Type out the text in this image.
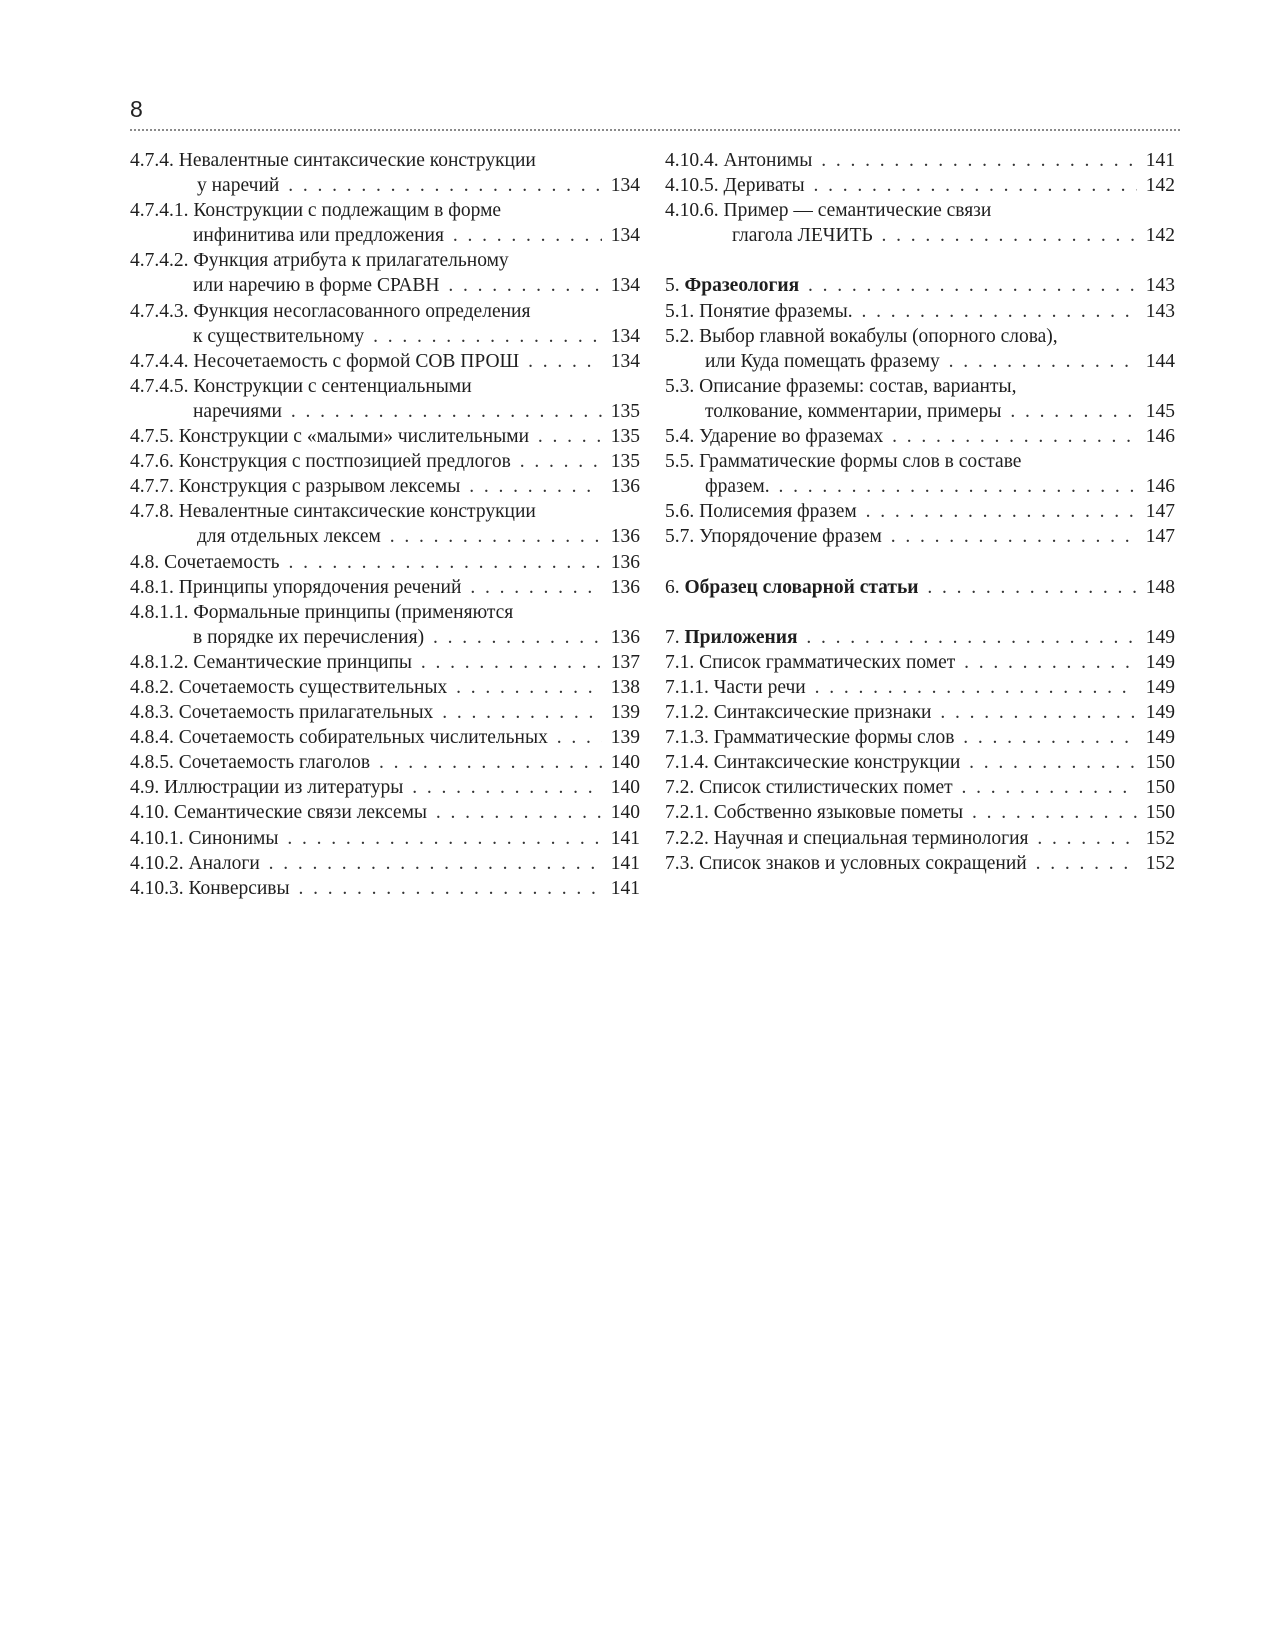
8
4.7.4. Невалентные синтаксические конструкции
у наречий . .	134
4.7.4.1. Конструкции с подлежащим в форме
инфинитива или предложения . .	134
4.7.4.2. Функция атрибута к прилагательному
или наречию в форме СРАВН . .	134
4.7.4.3. Функция несогласованного определения
к существительному . .	134
4.7.4.4. Несочетаемость с формой СОВ ПРОШ . .	134
4.7.4.5. Конструкции с сентенциальными
наречиями . .	135
4.7.5. Конструкции с «малыми» числительными . .	135
4.7.6. Конструкция с постпозицией предлогов . .	135
4.7.7. Конструкция с разрывом лексемы . .	136
4.7.8. Невалентные синтаксические конструкции
для отдельных лексем . .	136
4.8. Сочетаемость . .	136
4.8.1. Принципы упорядочения речений . .	136
4.8.1.1. Формальные принципы (применяются
в порядке их перечисления) . .	136
4.8.1.2. Семантические принципы . .	137
4.8.2. Сочетаемость существительных . .	138
4.8.3. Сочетаемость прилагательных . .	139
4.8.4. Сочетаемость собирательных числительных . .	139
4.8.5. Сочетаемость глаголов . .	140
4.9. Иллюстрации из литературы . .	140
4.10. Семантические связи лексемы . .	140
4.10.1. Синонимы . .	141
4.10.2. Аналоги . .	141
4.10.3. Конверсивы . .	141
4.10.4. Антонимы . .	141
4.10.5. Дериваты . .	142
4.10.6. Пример — семантические связи
глагола ЛЕЧИТЬ . .	142
5. Фразеология . .	143
5.1. Понятие фраземы. . .	143
5.2. Выбор главной вокабулы (опорного слова),
или Куда помещать фразему . .	144
5.3. Описание фраземы: состав, варианты,
толкование, комментарии, примеры . .	145
5.4. Ударение во фраземах . .	146
5.5. Грамматические формы слов в составе
фразем. . .	146
5.6. Полисемия фразем . .	147
5.7. Упорядочение фразем . .	147
6. Образец словарной статьи . .	148
7. Приложения . .	149
7.1. Список грамматических помет . .	149
7.1.1. Части речи . .	149
7.1.2. Синтаксические признаки . .	149
7.1.3. Грамматические формы слов . .	149
7.1.4. Синтаксические конструкции . .	150
7.2. Список стилистических помет . .	150
7.2.1. Собственно языковые пометы . .	150
7.2.2. Научная и специальная терминология . .	152
7.3. Список знаков и условных сокращений . .	152
